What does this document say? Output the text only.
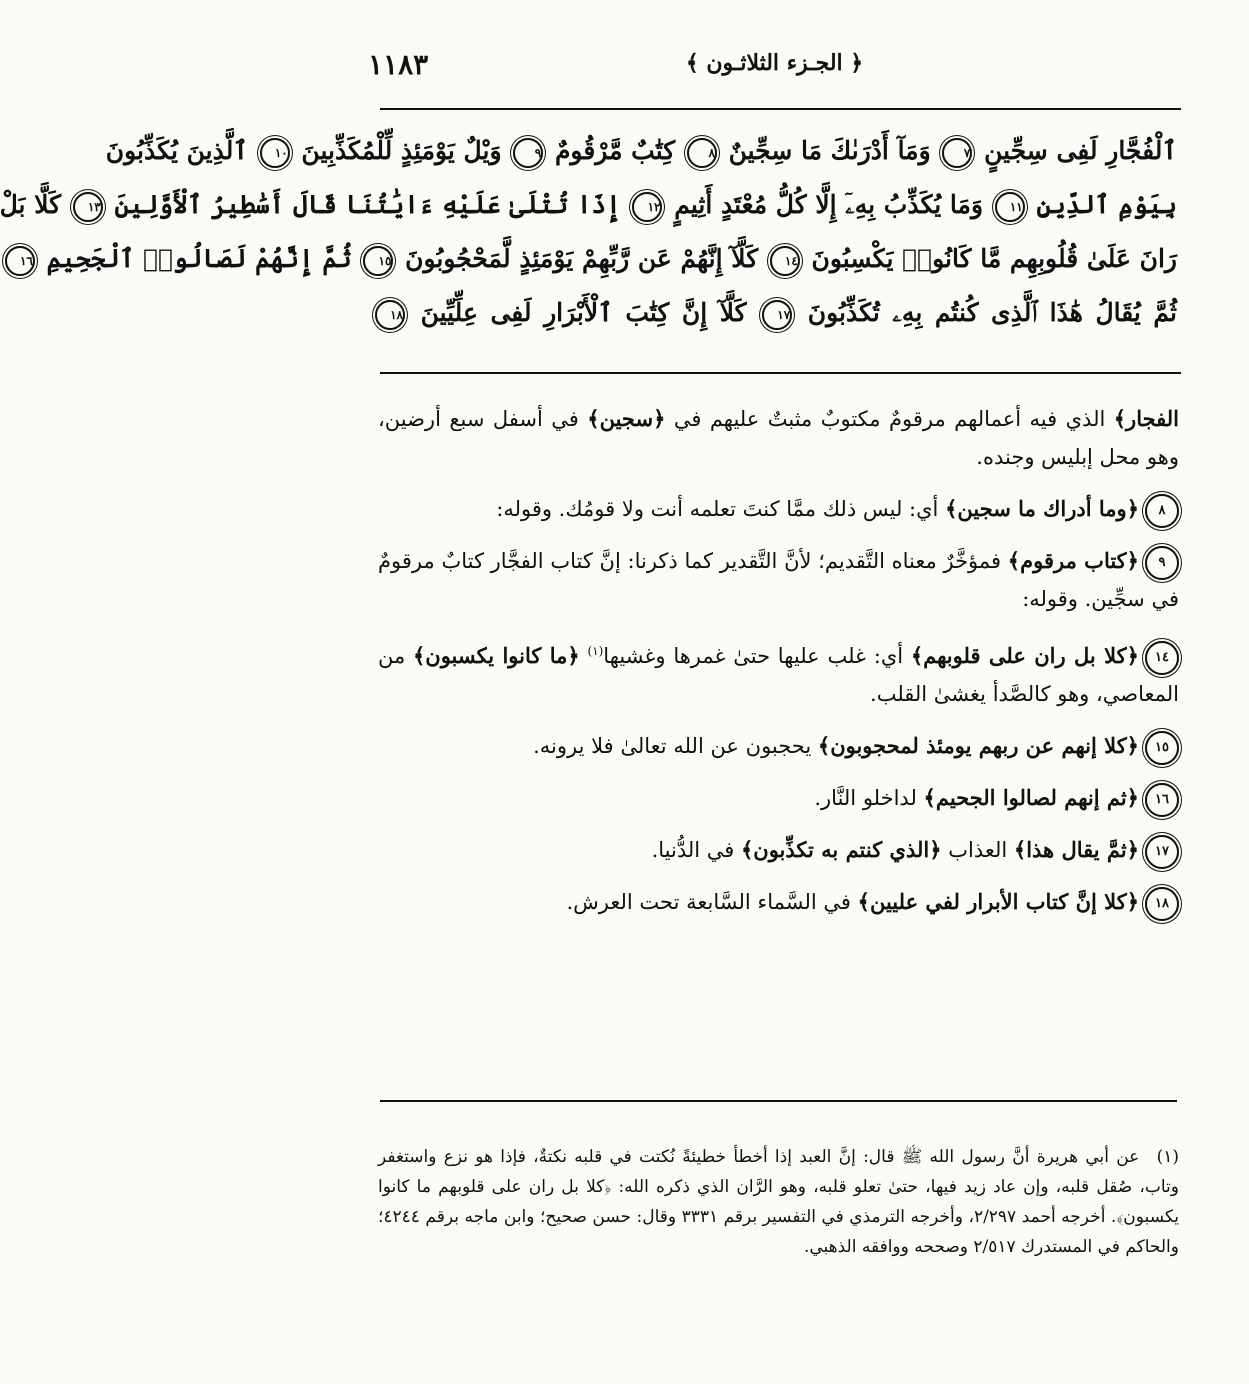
١١٨٣	﴿ الجـزء الثلاثـون ﴾
ٱلْفُجَّارِ لَفِى سِجِّينٍ ٧ وَمَآ أَدْرَىٰكَ مَا سِجِّينٌ ٨ كِتَٰبٌ مَّرْقُومٌ ٩ وَيْلٌ يَوْمَئِذٍ لِّلْمُكَذِّبِينَ ١٠ ٱلَّذِينَ يُكَذِّبُونَ
بِيَوْمِ ٱلدِّينِ ١١ وَمَا يُكَذِّبُ بِهِۦٓ إِلَّا كُلُّ مُعْتَدٍ أَثِيمٍ ١٢ إِذَا تُتْلَىٰ عَلَيْهِ ءَايَٰتُنَا قَالَ أَسَٰطِيرُ ٱلْأَوَّلِينَ ١٣ كَلَّا بَلْ
رَانَ عَلَىٰ قُلُوبِهِم مَّا كَانُوا۟ يَكْسِبُونَ ١٤ كَلَّآ إِنَّهُمْ عَن رَّبِّهِمْ يَوْمَئِذٍ لَّمَحْجُوبُونَ ١٥ ثُمَّ إِنَّهُمْ لَصَالُوا۟ ٱلْجَحِيمِ ١٦
ثُمَّ يُقَالُ هَٰذَا ٱلَّذِى كُنتُم بِهِۦ تُكَذِّبُونَ ١٧ كَلَّآ إِنَّ كِتَٰبَ ٱلْأَبْرَارِ لَفِى عِلِّيِّينَ ١٨
الفجار﴾ الذي فيه أعمالهم مرقومٌ مكتوبٌ مثبتٌ عليهم في ﴿سجين﴾ في أسفل سبع أرضين، وهو محل إبليس وجنده.
٨﴿وما أدراك ما سجين﴾ أي: ليس ذلك ممَّا كنتَ تعلمه أنت ولا قومُك. وقوله:
٩﴿كتاب مرقوم﴾ فمؤخَّرٌ معناه التَّقديم؛ لأنَّ التَّقدير كما ذكرنا: إنَّ كتاب الفجَّار كتابٌ مرقومٌ في سجِّين. وقوله:
١٤﴿كلا بل ران على قلوبهم﴾ أي: غلب عليها حتىٰ غمرها وغشيها$^{(١)}$ ﴿ما كانوا يكسبون﴾ من المعاصي، وهو كالصَّدأ يغشىٰ القلب.
١٥﴿كلا إنهم عن ربهم يومئذ لمحجوبون﴾ يحجبون عن الله تعالىٰ فلا يرونه.
١٦﴿ثم إنهم لصالوا الجحيم﴾ لداخلو النَّار.
١٧﴿ثمَّ يقال هذا﴾ العذاب ﴿الذي كنتم به تكذِّبون﴾ في الدُّنيا.
١٨﴿كلا إنَّ كتاب الأبرار لفي عليين﴾ في السَّماء السَّابعة تحت العرش.
(١) عن أبي هريرة أنَّ رسول الله ﷺ قال: إنَّ العبد إذا أخطأ خطيئةً نُكتت في قلبه نكتةٌ، فإذا هو نزع واستغفر وتاب، صُقل قلبه، وإن عاد زيد فيها، حتىٰ تعلو قلبه، وهو الرَّان الذي ذكره الله: ﴿كلا بل ران على قلوبهم ما كانوا يكسبون﴾. أخرجه أحمد ٢/٢٩٧، وأخرجه الترمذي في التفسير برقم ٣٣٣١ وقال: حسن صحيح؛ وابن ماجه برقم ٤٢٤٤؛ والحاكم في المستدرك ٢/٥١٧ وصححه ووافقه الذهبي.
